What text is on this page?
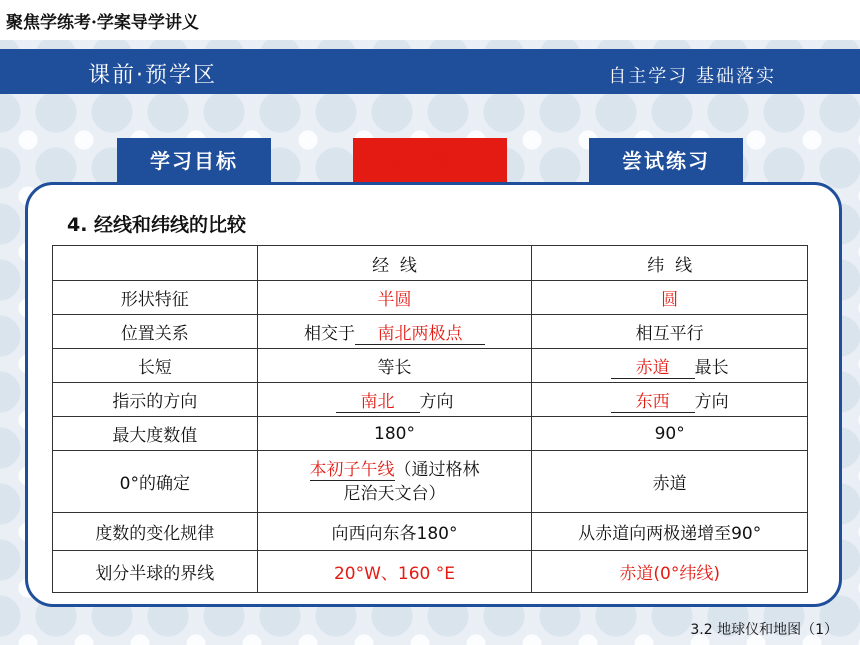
聚焦学练考·学案导学讲义
课前·预学区	自主学习 基础落实
学习目标	知识清单	尝试练习
4. 经线和纬线的比较
	经  线	纬  线
形状特征	半圆	圆
位置关系	相交于 南北两极点	相互平行
长短	等长	赤道 最长
指示的方向	南北 方向	东西 方向
最大度数值	180°	90°
0°的确定	本初子午线（通过格林
尼治天文台）	赤道
度数的变化规律	向西向东各180°	从赤道向两极递增至90°
划分半球的界线	20°W、160 °E	赤道(0°纬线)
3.2 地球仪和地图（1）
